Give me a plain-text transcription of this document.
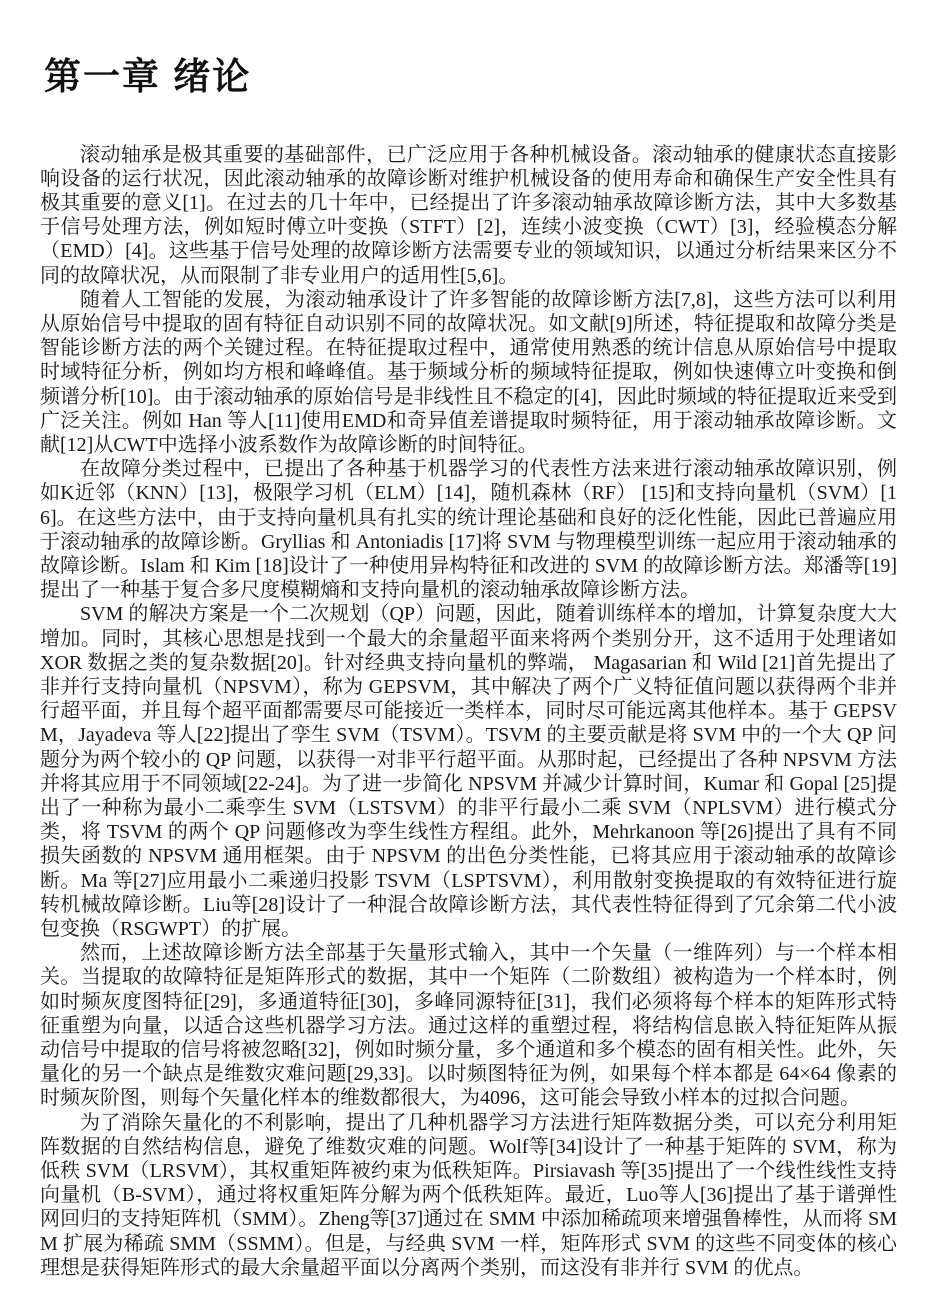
第一章 绪论

滚动轴承是极其重要的基础部件，已广泛应用于各种机械设备。滚动轴承的健康状态直接影响设备的运行状况，因此滚动轴承的故障诊断对维护机械设备的使用寿命和确保生产安全性具有极其重要的意义[1]。在过去的几十年中，已经提出了许多滚动轴承故障诊断方法，其中大多数基于信号处理方法，例如短时傅立叶变换（STFT）[2]，连续小波变换（CWT）[3]，经验模态分解（EMD）[4]。这些基于信号处理的故障诊断方法需要专业的领域知识，以通过分析结果来区分不同的故障状况，从而限制了非专业用户的适用性[5,6]。

随着人工智能的发展，为滚动轴承设计了许多智能的故障诊断方法[7,8]，这些方法可以利用从原始信号中提取的固有特征自动识别不同的故障状况。如文献[9]所述，特征提取和故障分类是智能诊断方法的两个关键过程。在特征提取过程中，通常使用熟悉的统计信息从原始信号中提取时域特征分析，例如均方根和峰峰值。基于频域分析的频域特征提取，例如快速傅立叶变换和倒频谱分析[10]。由于滚动轴承的原始信号是非线性且不稳定的[4]，因此时频域的特征提取近来受到广泛关注。例如 Han 等人[11]使用EMD和奇异值差谱提取时频特征，用于滚动轴承故障诊断。文献[12]从CWT中选择小波系数作为故障诊断的时间特征。

在故障分类过程中，已提出了各种基于机器学习的代表性方法来进行滚动轴承故障识别，例如K近邻（KNN）[13]，极限学习机（ELM）[14]，随机森林（RF） [15]和支持向量机（SVM）[16]。在这些方法中，由于支持向量机具有扎实的统计理论基础和良好的泛化性能，因此已普遍应用于滚动轴承的故障诊断。Gryllias 和 Antoniadis [17]将 SVM 与物理模型训练一起应用于滚动轴承的故障诊断。Islam 和 Kim [18]设计了一种使用异构特征和改进的 SVM 的故障诊断方法。郑潘等[19]提出了一种基于复合多尺度模糊熵和支持向量机的滚动轴承故障诊断方法。

SVM 的解决方案是一个二次规划（QP）问题，因此，随着训练样本的增加，计算复杂度大大增加。同时，其核心思想是找到一个最大的余量超平面来将两个类别分开，这不适用于处理诸如 XOR 数据之类的复杂数据[20]。针对经典支持向量机的弊端， Magasarian 和 Wild [21]首先提出了非并行支持向量机（NPSVM），称为 GEPSVM，其中解决了两个广义特征值问题以获得两个非并行超平面，并且每个超平面都需要尽可能接近一类样本，同时尽可能远离其他样本。基于 GEPSVM，Jayadeva 等人[22]提出了孪生 SVM（TSVM）。TSVM 的主要贡献是将 SVM 中的一个大 QP 问题分为两个较小的 QP 问题，以获得一对非平行超平面。从那时起，已经提出了各种 NPSVM 方法并将其应用于不同领域[22-24]。为了进一步简化 NPSVM 并减少计算时间，Kumar 和 Gopal [25]提出了一种称为最小二乘孪生 SVM（LSTSVM）的非平行最小二乘 SVM（NPLSVM）进行模式分类，将 TSVM 的两个 QP 问题修改为孪生线性方程组。此外，Mehrkanoon 等[26]提出了具有不同损失函数的 NPSVM 通用框架。由于 NPSVM 的出色分类性能，已将其应用于滚动轴承的故障诊断。Ma 等[27]应用最小二乘递归投影 TSVM（LSPTSVM），利用散射变换提取的有效特征进行旋转机械故障诊断。Liu等[28]设计了一种混合故障诊断方法，其代表性特征得到了冗余第二代小波包变换（RSGWPT）的扩展。

然而，上述故障诊断方法全部基于矢量形式输入，其中一个矢量（一维阵列）与一个样本相关。当提取的故障特征是矩阵形式的数据，其中一个矩阵（二阶数组）被构造为一个样本时，例如时频灰度图特征[29]，多通道特征[30]，多峰同源特征[31]，我们必须将每个样本的矩阵形式特征重塑为向量，以适合这些机器学习方法。通过这样的重塑过程，将结构信息嵌入特征矩阵从振动信号中提取的信号将被忽略[32]，例如时频分量，多个通道和多个模态的固有相关性。此外，矢量化的另一个缺点是维数灾难问题[29,33]。以时频图特征为例，如果每个样本都是 64×64 像素的时频灰阶图，则每个矢量化样本的维数都很大，为4096，这可能会导致小样本的过拟合问题。

为了消除矢量化的不利影响，提出了几种机器学习方法进行矩阵数据分类，可以充分利用矩阵数据的自然结构信息，避免了维数灾难的问题。Wolf等[34]设计了一种基于矩阵的 SVM，称为低秩 SVM（LRSVM），其权重矩阵被约束为低秩矩阵。Pirsiavash 等[35]提出了一个线性线性支持向量机（B-SVM），通过将权重矩阵分解为两个低秩矩阵。最近，Luo等人[36]提出了基于谱弹性网回归的支持矩阵机（SMM）。Zheng等[37]通过在 SMM 中添加稀疏项来增强鲁棒性，从而将 SMM 扩展为稀疏 SMM（SSMM）。但是，与经典 SVM 一样，矩阵形式 SVM 的这些不同变体的核心理想是获得矩阵形式的最大余量超平面以分离两个类别，而这没有非并行 SVM 的优点。
